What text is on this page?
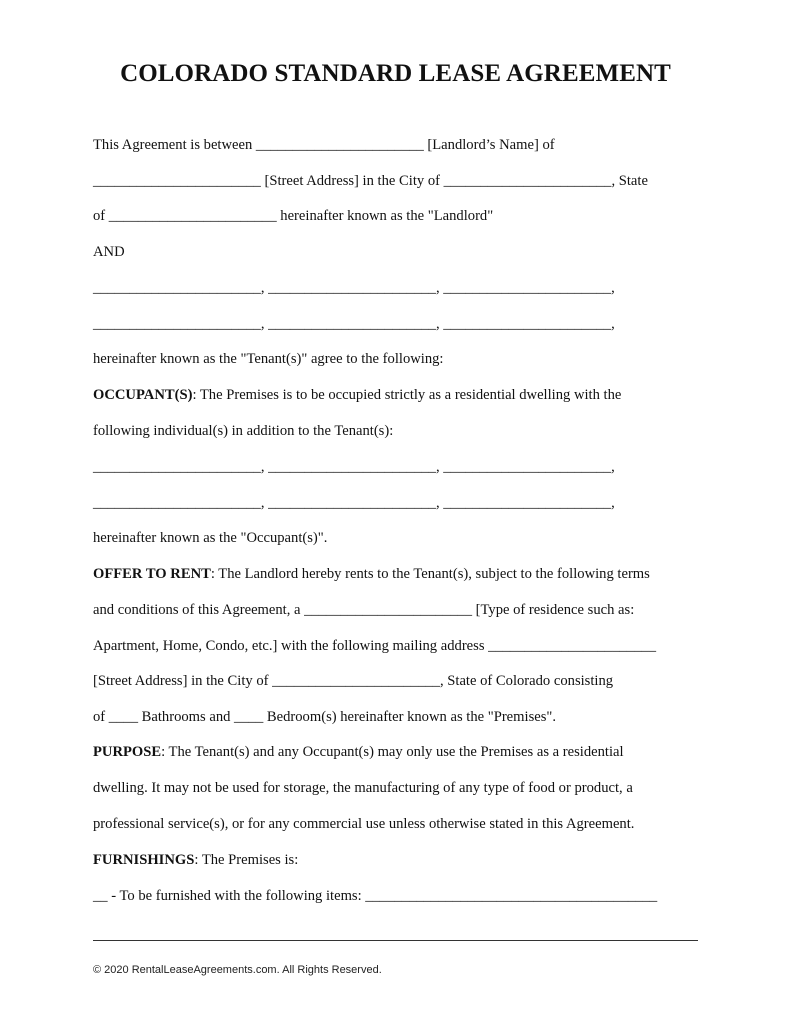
COLORADO STANDARD LEASE AGREEMENT
This Agreement is between _______________________ [Landlord’s Name] of
_______________________ [Street Address] in the City of _______________________, State
of _______________________ hereinafter known as the "Landlord"
AND
_______________________, _______________________, _______________________,
_______________________, _______________________, _______________________,
hereinafter known as the "Tenant(s)" agree to the following:
OCCUPANT(S): The Premises is to be occupied strictly as a residential dwelling with the
following individual(s) in addition to the Tenant(s):
_______________________, _______________________, _______________________,
_______________________, _______________________, _______________________,
hereinafter known as the "Occupant(s)".
OFFER TO RENT: The Landlord hereby rents to the Tenant(s), subject to the following terms
and conditions of this Agreement, a _______________________ [Type of residence such as:
Apartment, Home, Condo, etc.] with the following mailing address _______________________
[Street Address] in the City of _______________________, State of Colorado consisting
of ____ Bathrooms and ____ Bedroom(s) hereinafter known as the "Premises".
PURPOSE: The Tenant(s) and any Occupant(s) may only use the Premises as a residential
dwelling. It may not be used for storage, the manufacturing of any type of food or product, a
professional service(s), or for any commercial use unless otherwise stated in this Agreement.
FURNISHINGS: The Premises is:
__ - To be furnished with the following items: ________________________________________
© 2020 RentalLeaseAgreements.com. All Rights Reserved.
